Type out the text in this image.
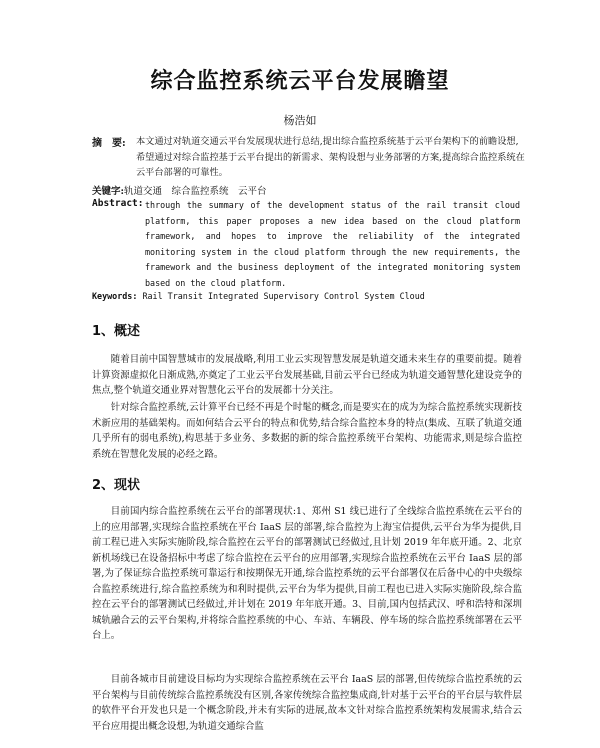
综合监控系统云平台发展瞻望
杨浩如
摘　要: 本文通过对轨道交通云平台发展现状进行总结,提出综合监控系统基于云平台架构下的前瞻设想,希望通过对综合监控基于云平台提出的新需求、架构设想与业务部署的方案,提高综合监控系统在云平台部署的可靠性。
关键字:轨道交通　综合监控系统　云平台
Abstract: through the summary of the development status of the rail transit cloud platform, this paper proposes a new idea based on the cloud platform framework, and hopes to improve the reliability of the integrated monitoring system in the cloud platform through the new requirements, the framework and the business deployment of the integrated monitoring system based on the cloud platform.
Keywords: Rail Transit Integrated Supervisory Control System Cloud
1、概述
随着目前中国智慧城市的发展战略,利用工业云实现智慧发展是轨道交通未来生存的重要前提。随着计算资源虚拟化日渐成熟,亦奠定了工业云平台发展基础,目前云平台已经成为轨道交通智慧化建设竞争的焦点,整个轨道交通业界对智慧化云平台的发展都十分关注。
针对综合监控系统,云计算平台已经不再是个时髦的概念,而是要实在的成为为综合监控系统实现新技术新应用的基础架构。而如何结合云平台的特点和优势,结合综合监控本身的特点(集成、互联了轨道交通几乎所有的弱电系统),构思基于多业务、多数据的新的综合监控系统平台架构、功能需求,则是综合监控系统在智慧化发展的必经之路。
2、现状
目前国内综合监控系统在云平台的部署现状:1、郑州 S1 线已进行了全线综合监控系统在云平台的上的应用部署,实现综合监控系统在平台 IaaS 层的部署,综合监控为上海宝信提供,云平台为华为提供,目前工程已进入实际实施阶段,综合监控在云平台的部署测试已经做过,且计划 2019 年年底开通。2、北京新机场线已在设备招标中考虑了综合监控在云平台的应用部署,实现综合监控系统在云平台 IaaS 层的部署,为了保证综合监控系统可靠运行和按期保无开通,综合监控系统的云平台部署仅在后备中心的中央级综合监控系统进行,综合监控系统为和利时提供,云平台为华为提供,目前工程也已进入实际实施阶段,综合监控在云平台的部署测试已经做过,并计划在 2019 年年底开通。3、目前,国内包括武汉、呼和浩特和深圳城轨融合云的云平台架构,并将综合监控系统的中心、车站、车辆段、停车场的综合监控系统部署在云平台上。
目前各城市目前建设目标均为实现综合监控系统在云平台 IaaS 层的部署,但传统综合监控系统的云平台架构与目前传统综合监控系统没有区别,各家传统综合监控集成商,针对基于云平台的平台层与软件层的软件平台开发也只是一个概念阶段,并未有实际的进展,故本文针对综合监控系统架构发展需求,结合云平台应用提出概念设想,为轨道交通综合监
